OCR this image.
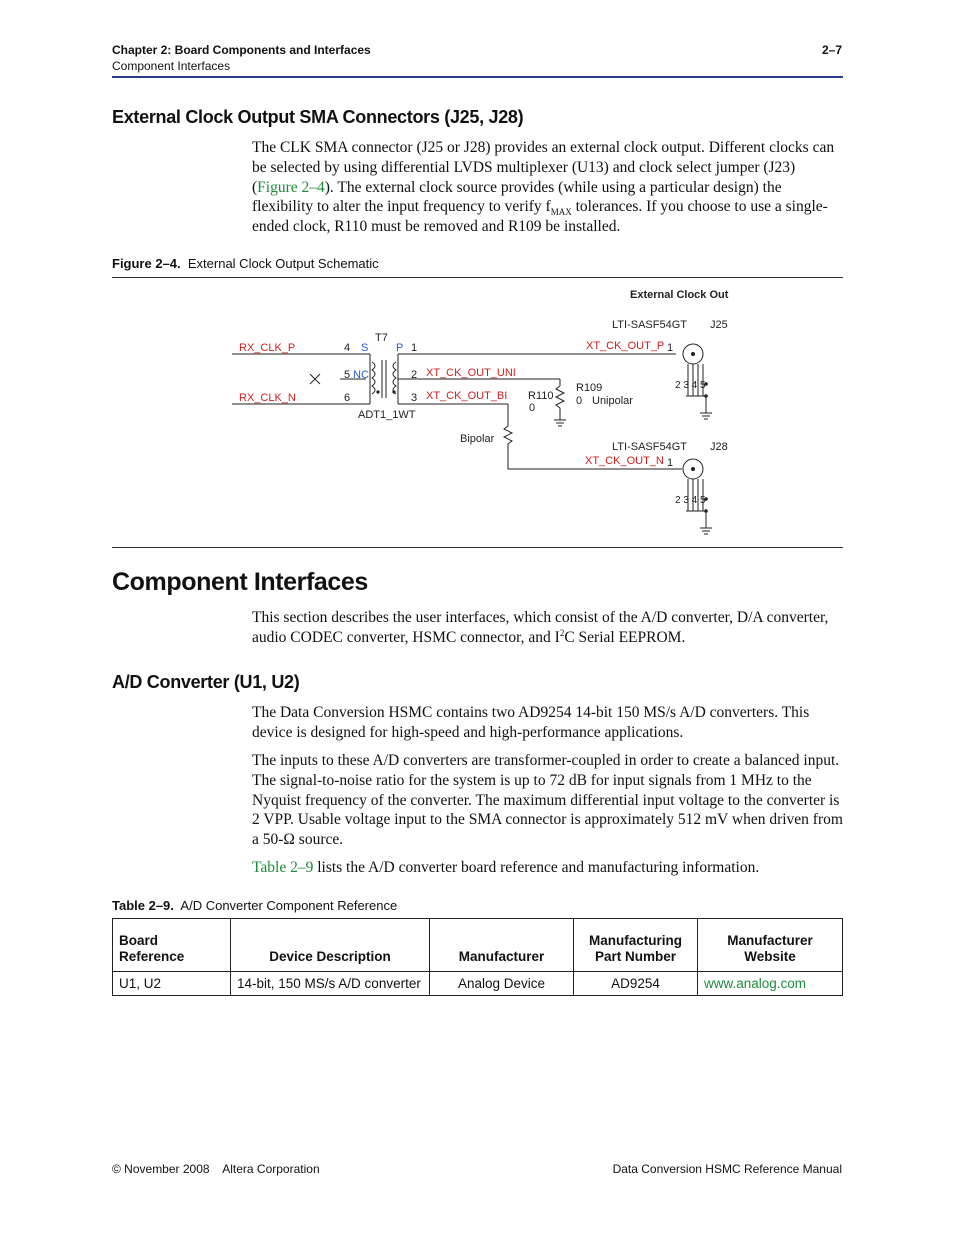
Chapter 2: Board Components and Interfaces
Component Interfaces
2–7
External Clock Output SMA Connectors (J25, J28)
The CLK SMA connector (J25 or J28) provides an external clock output. Different clocks can be selected by using differential LVDS multiplexer (U13) and clock select jumper (J23) (Figure 2–4). The external clock source provides (while using a particular design) the flexibility to alter the input frequency to verify $f_{MAX}$ tolerances. If you choose to use a single-ended clock, R110 must be removed and R109 be installed.
Figure 2–4. External Clock Output Schematic
External Clock Out
LTI-SASF54GT J25
LTI-SASF54GT J28
T7
4
5
6
1
2
3
ADT1_1WT
R110
0
R109
0 Unipolar
Bipolar
1
1
2 3 4 5
2 3 4 5
S	P
NC
RX_CLK_P
RX_CLK_N
XT_CK_OUT_P
XT_CK_OUT_UNI
XT_CK_OUT_BI
XT_CK_OUT_N
Component Interfaces
This section describes the user interfaces, which consist of the A/D converter, D/A converter, audio CODEC converter, HSMC connector, and $I^2C$ Serial EEPROM.
A/D Converter (U1, U2)
The Data Conversion HSMC contains two AD9254 14-bit 150 MS/s A/D converters. This device is designed for high-speed and high-performance applications.
The inputs to these A/D converters are transformer-coupled in order to create a balanced input. The signal-to-noise ratio for the system is up to 72 dB for input signals from 1 MHz to the Nyquist frequency of the converter. The maximum differential input voltage to the converter is 2 VPP. Usable voltage input to the SMA connector is approximately 512 mV when driven from a 50-Ω source.
Table 2–9 lists the A/D converter board reference and manufacturing information.
Table 2–9. A/D Converter Component Reference
Board Reference	Device Description	Manufacturer	Manufacturing Part Number	Manufacturer Website
U1, U2	14-bit, 150 MS/s A/D converter	Analog Device	AD9254	www.analog.com
© November 2008    Altera Corporation	Data Conversion HSMC Reference Manual
